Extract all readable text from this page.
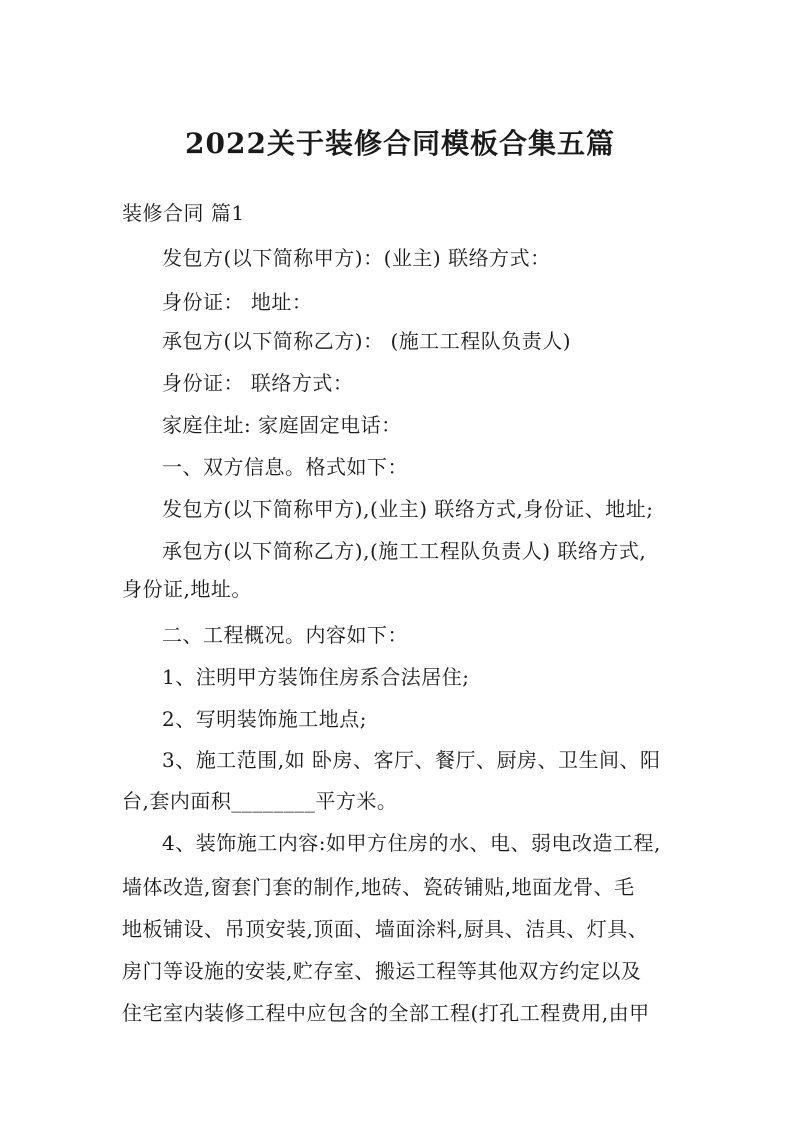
2022关于装修合同模板合集五篇
装修合同 篇1
发包方(以下简称甲方)：(业主) 联络方式：
身份证： 地址：
承包方(以下简称乙方)： (施工工程队负责人)
身份证： 联络方式：
家庭住址: 家庭固定电话：
一、双方信息。格式如下：
发包方(以下简称甲方),(业主) 联络方式,身份证、地址;
承包方(以下简称乙方),(施工工程队负责人) 联络方式,
身份证,地址。
二、工程概况。内容如下：
1、注明甲方装饰住房系合法居住;
2、写明装饰施工地点;
3、施工范围,如 卧房、客厅、餐厅、厨房、卫生间、阳
台,套内面积________平方米。
4、装饰施工内容:如甲方住房的水、电、弱电改造工程,
墙体改造,窗套门套的制作,地砖、瓷砖铺贴,地面龙骨、毛
地板铺设、吊顶安装,顶面、墙面涂料,厨具、洁具、灯具、
房门等设施的安装,贮存室、搬运工程等其他双方约定以及
住宅室内装修工程中应包含的全部工程(打孔工程费用,由甲
